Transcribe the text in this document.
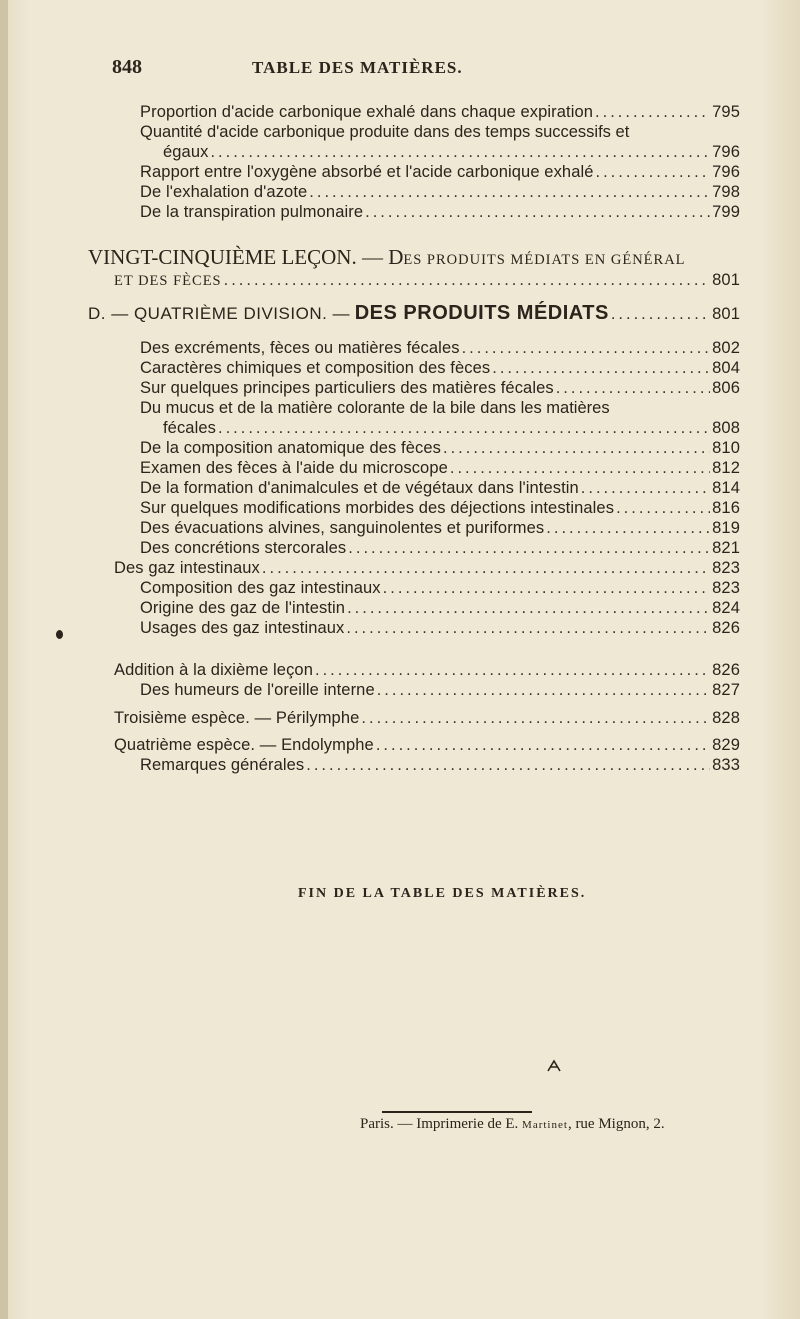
848	TABLE DES MATIÈRES.
Proportion d'acide carbonique exhalé dans chaque expiration .....	795
Quantité d'acide carbonique produite dans des temps successifs et
égaux .....	796
Rapport entre l'oxygène absorbé et l'acide carbonique exhalé .....	796
De l'exhalation d'azote .....	798
De la transpiration pulmonaire .....	799
VINGT-CINQUIÈME LEÇON. — DES PRODUITS MÉDIATS EN GÉNÉRAL
ET DES FÈCES .....	801
D. — QUATRIÈME DIVISION. —
DES PRODUITS MÉDIATS .....	801
Des excréments, fèces ou matières fécales .....	802
Caractères chimiques et composition des fèces .....	804
Sur quelques principes particuliers des matières fécales .....	806
Du mucus et de la matière colorante de la bile dans les matières
fécales .....	808
De la composition anatomique des fèces .....	810
Examen des fèces à l'aide du microscope .....	812
De la formation d'animalcules et de végétaux dans l'intestin .....	814
Sur quelques modifications morbides des déjections intestinales .....	816
Des évacuations alvines, sanguinolentes et puriformes .....	819
Des concrétions stercorales .....	821
Des gaz intestinaux .....	823
Composition des gaz intestinaux .....	823
Origine des gaz de l'intestin .....	824
Usages des gaz intestinaux .....	826
Addition à la dixième leçon .....	826
Des humeurs de l'oreille interne .....	827
Troisième espèce. — Périlymphe .....	828
Quatrième espèce. — Endolymphe .....	829
Remarques générales .....	833
FIN DE LA TABLE DES MATIÈRES.
Paris. — Imprimerie de E. Martinet, rue Mignon, 2.
